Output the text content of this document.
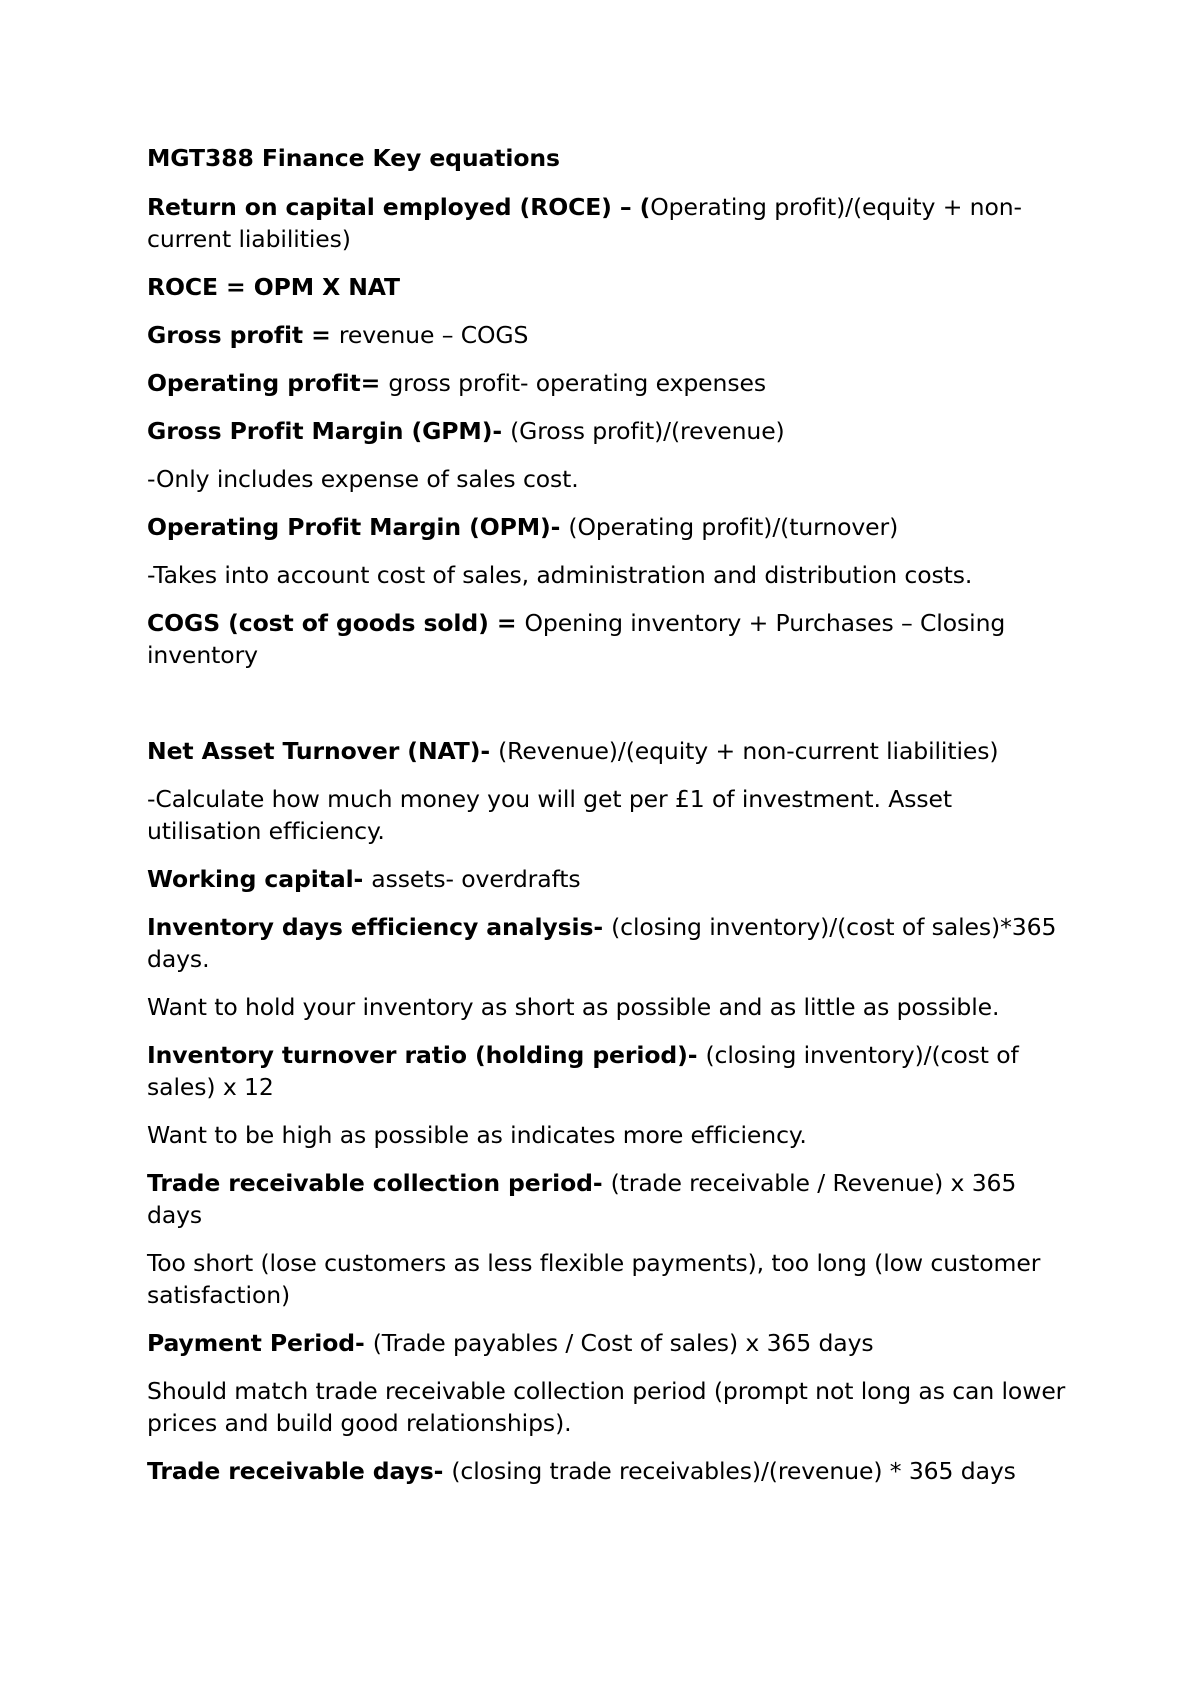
MGT388 Finance Key equations

Return on capital employed (ROCE) – (Operating profit)/(equity + non-current liabilities)

ROCE = OPM X NAT

Gross profit = revenue – COGS

Operating profit= gross profit- operating expenses

Gross Profit Margin (GPM)- (Gross profit)/(revenue)

-Only includes expense of sales cost.

Operating Profit Margin (OPM)- (Operating profit)/(turnover)

-Takes into account cost of sales, administration and distribution costs.

COGS (cost of goods sold) = Opening inventory + Purchases – Closing inventory

Net Asset Turnover (NAT)- (Revenue)/(equity + non-current liabilities)

-Calculate how much money you will get per £1 of investment. Asset utilisation efficiency.

Working capital- assets- overdrafts

Inventory days efficiency analysis- (closing inventory)/(cost of sales)*365 days.

Want to hold your inventory as short as possible and as little as possible.

Inventory turnover ratio (holding period)- (closing inventory)/(cost of sales) x 12

Want to be high as possible as indicates more efficiency.

Trade receivable collection period- (trade receivable / Revenue) x 365 days

Too short (lose customers as less flexible payments), too long (low customer satisfaction)

Payment Period- (Trade payables / Cost of sales) x 365 days

Should match trade receivable collection period (prompt not long as can lower prices and build good relationships).

Trade receivable days- (closing trade receivables)/(revenue) * 365 days
